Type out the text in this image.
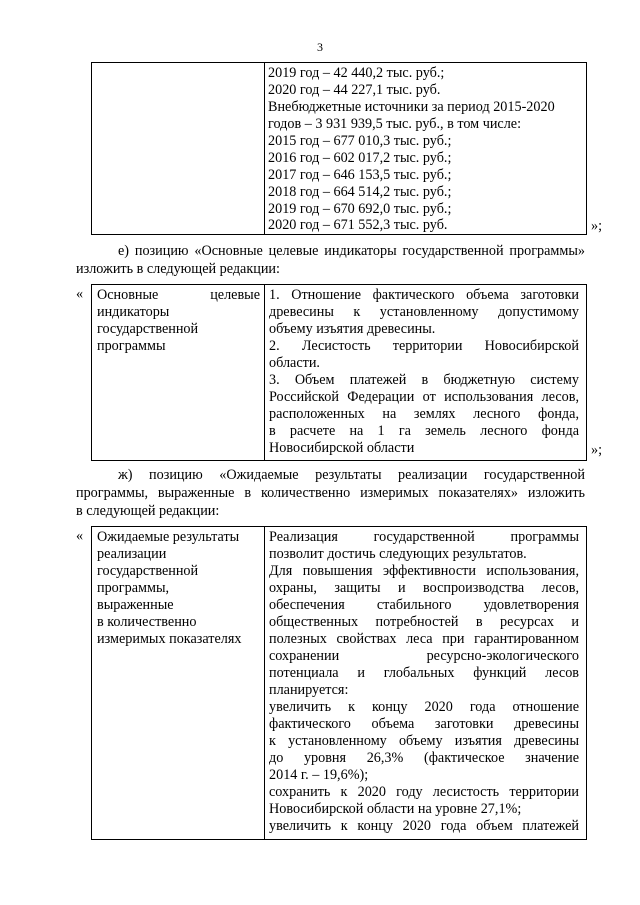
3
2019 год – 42 440,2 тыс. руб.;
2020 год – 44 227,1 тыс. руб.
Внебюджетные источники за период 2015-2020
годов – 3 931 939,5 тыс. руб., в том числе:
2015 год – 677 010,3 тыс. руб.;
2016 год – 602 017,2 тыс. руб.;
2017 год – 646 153,5 тыс. руб.;
2018 год – 664 514,2 тыс. руб.;
2019 год – 670 692,0 тыс. руб.;
2020 год – 671 552,3 тыс. руб.	»;
е) позицию «Основные целевые индикаторы государственной программы»
изложить в следующей редакции:
« Основные целевые
индикаторы
государственной
программы
1. Отношение фактического объема заготовки
древесины к установленному допустимому
объему изъятия древесины.
2. Лесистость территории Новосибирской
области.
3. Объем платежей в бюджетную систему
Российской Федерации от использования лесов,
расположенных на землях лесного фонда,
в расчете на 1 га земель лесного фонда
Новосибирской области	»;
ж) позицию «Ожидаемые результаты реализации государственной
программы, выраженные в количественно измеримых показателях» изложить
в следующей редакции:
« Ожидаемые результаты
реализации
государственной
программы,
выраженные
в количественно
измеримых показателях
Реализация государственной программы
позволит достичь следующих результатов.
Для повышения эффективности использования,
охраны, защиты и воспроизводства лесов,
обеспечения стабильного удовлетворения
общественных потребностей в ресурсах и
полезных свойствах леса при гарантированном
сохранении ресурсно-экологического
потенциала и глобальных функций лесов
планируется:
увеличить к концу 2020 года отношение
фактического объема заготовки древесины
к установленному объему изъятия древесины
до уровня 26,3% (фактическое значение
2014 г. – 19,6%);
сохранить к 2020 году лесистость территории
Новосибирской области на уровне 27,1%;
увеличить к концу 2020 года объем платежей
